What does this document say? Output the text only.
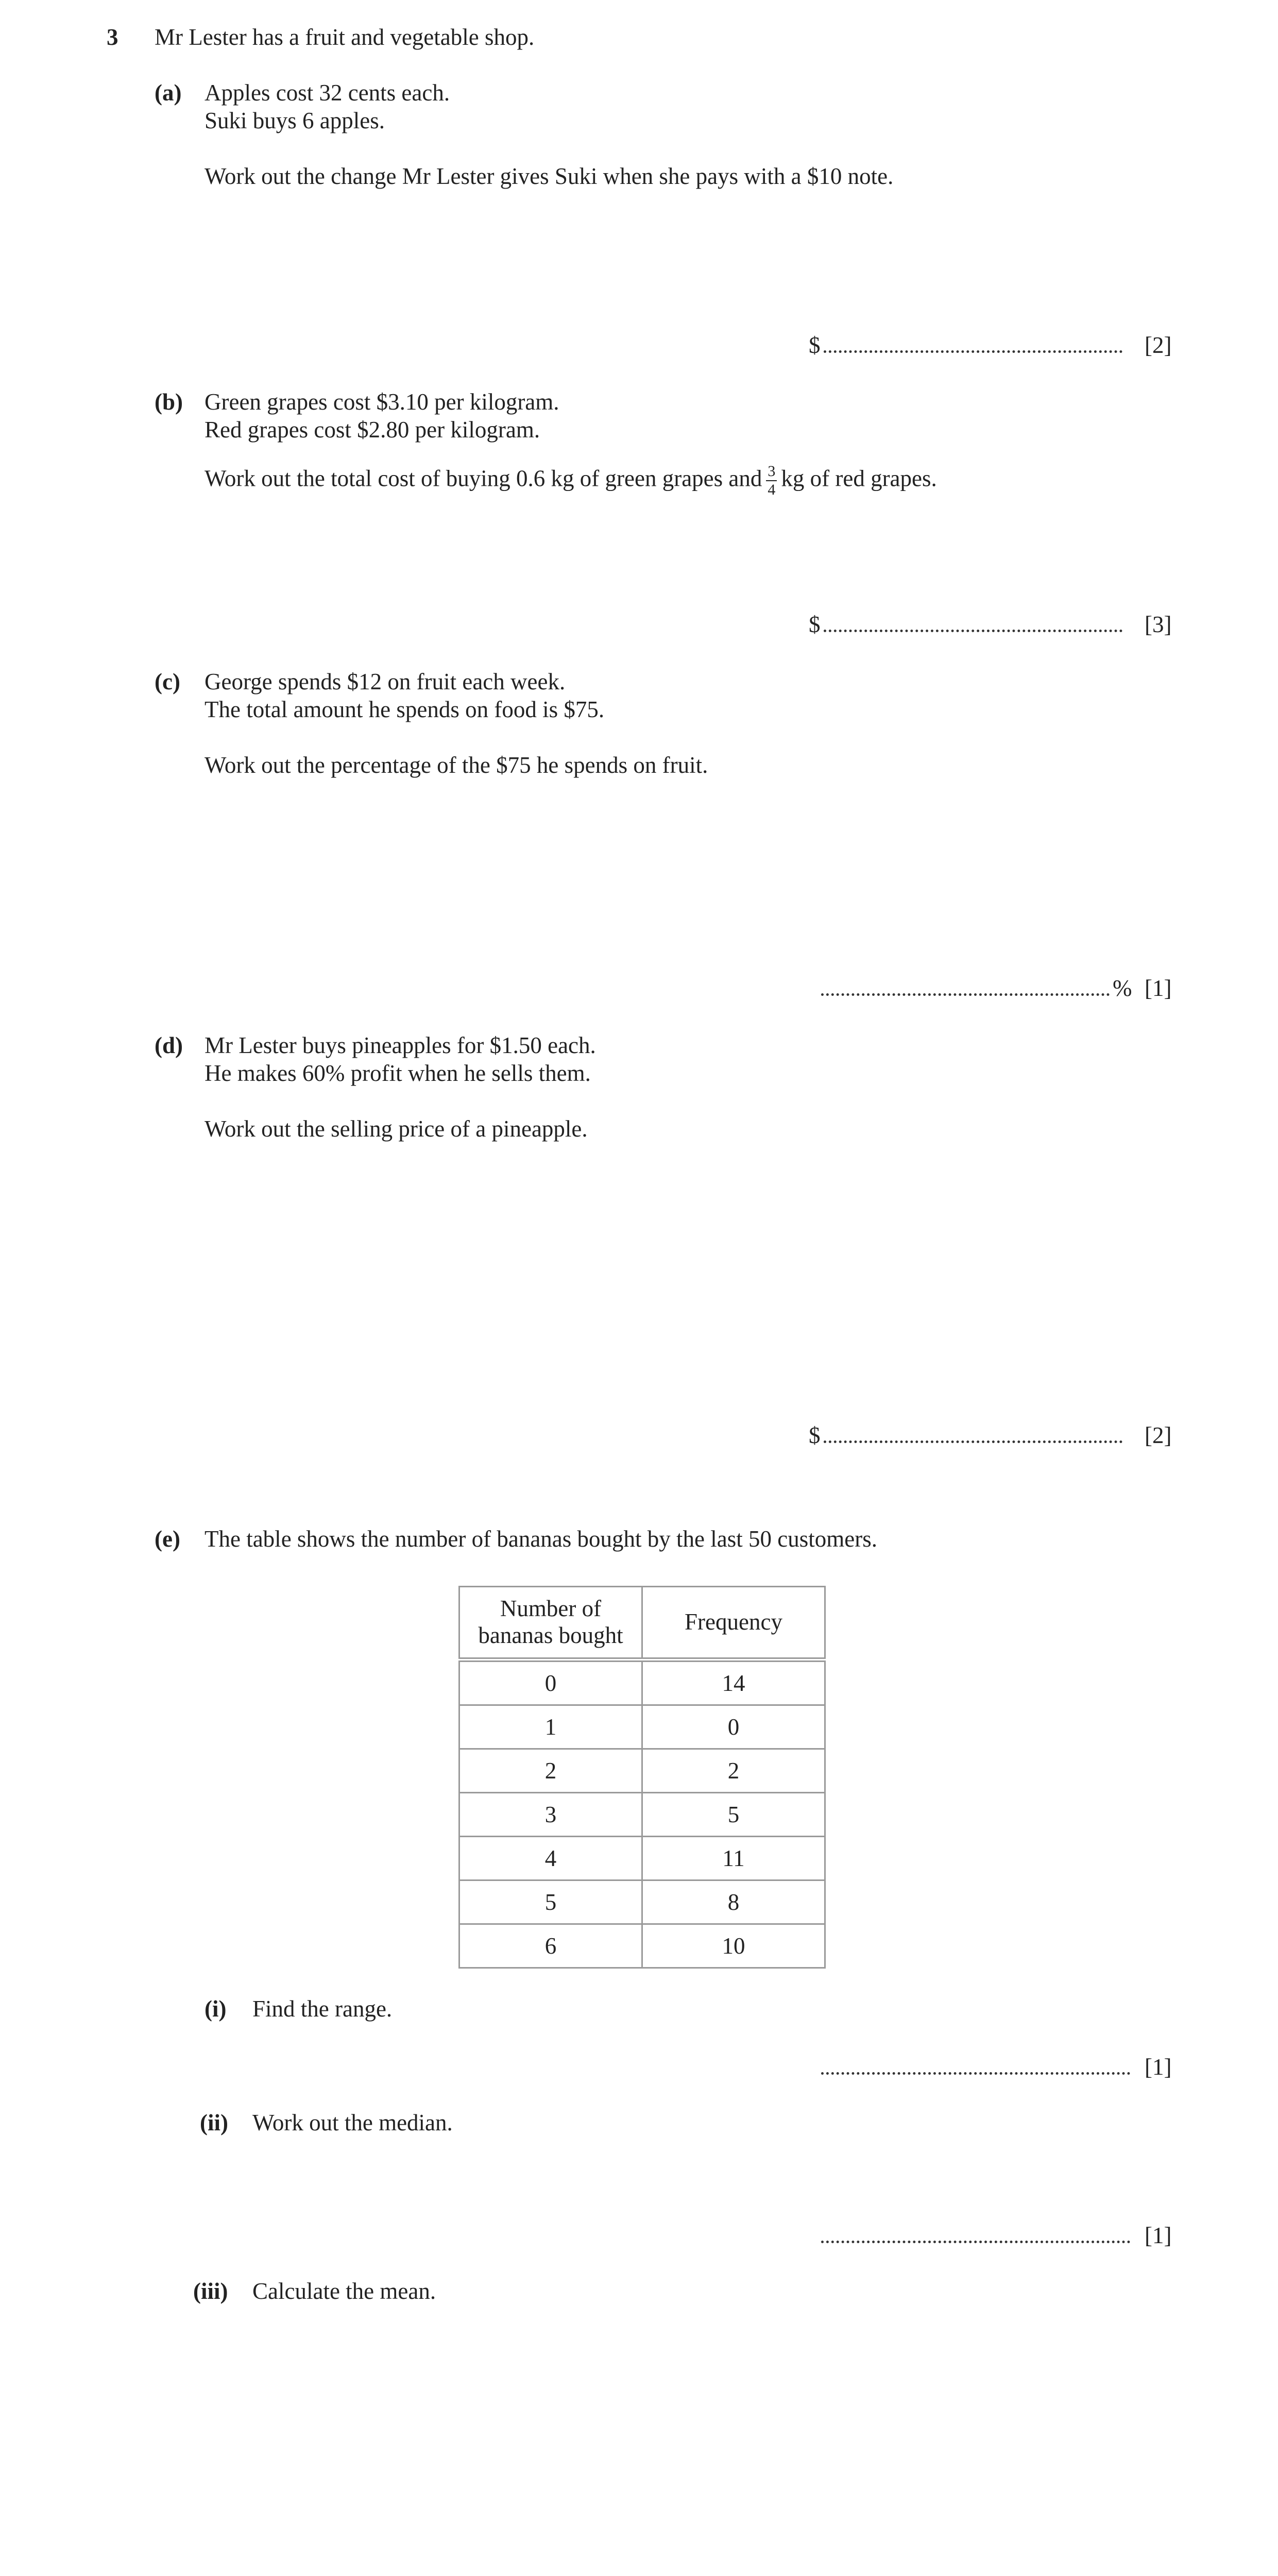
3 Mr Lester has a fruit and vegetable shop.
(a) Apples cost 32 cents each.
Suki buys 6 apples.
Work out the change Mr Lester gives Suki when she pays with a $10 note.
$	[2]
(b) Green grapes cost $3.10 per kilogram.
Red grapes cost $2.80 per kilogram.
Work out the total cost of buying 0.6 kg of green grapes and $\frac{3}{4}$ kg of red grapes.
$	[3]
(c) George spends $12 on fruit each week.
The total amount he spends on food is $75.
Work out the percentage of the $75 he spends on fruit.
% [1]
(d) Mr Lester buys pineapples for $1.50 each.
He makes 60% profit when he sells them.
Work out the selling price of a pineapple.
$	[2]
(e) The table shows the number of bananas bought by the last 50 customers.
Number of
bananas bought	Frequency
0	14
1	0
2	2
3	5
4	11
5	8
6	10
(i) Find the range.
[1]
(ii) Work out the median.
[1]
(iii) Calculate the mean.
